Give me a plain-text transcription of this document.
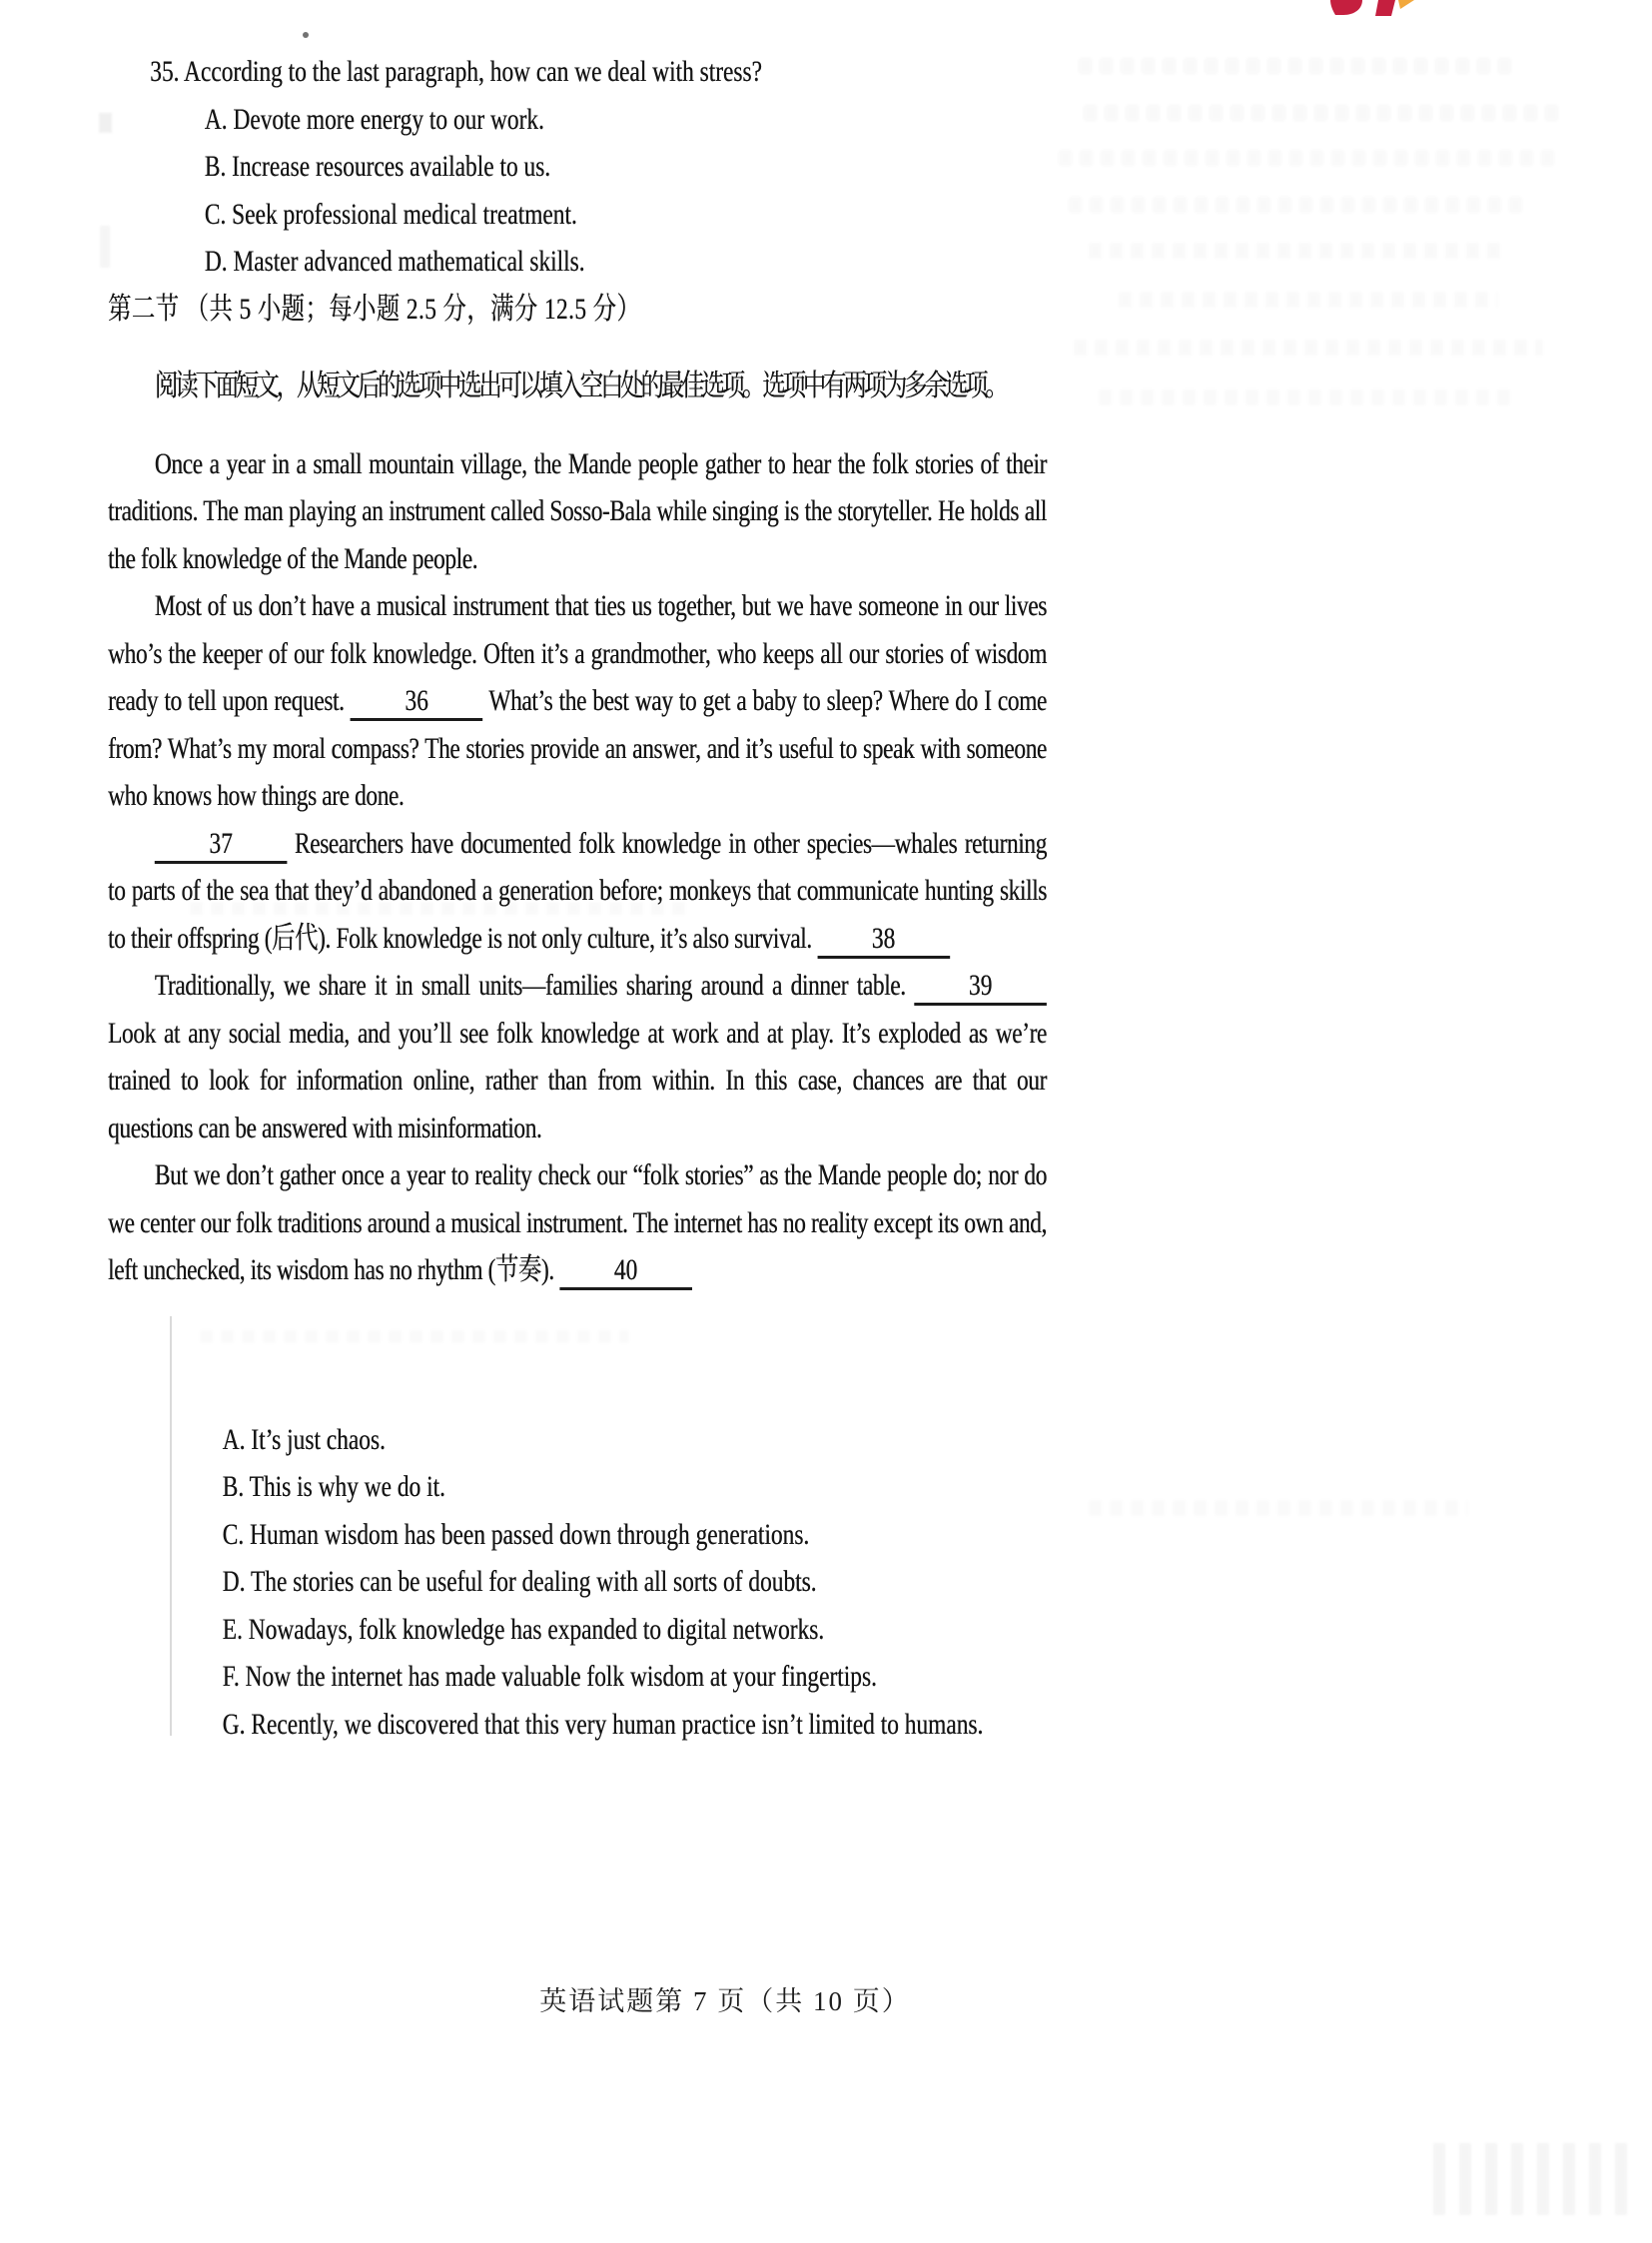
35. According to the last paragraph, how can we deal with stress?
A. Devote more energy to our work.
B. Increase resources available to us.
C. Seek professional medical treatment.
D. Master advanced mathematical skills.
第二节 （共 5 小题；每小题 2.5 分，满分 12.5 分）

阅读下面短文，从短文后的选项中选出可以填入空白处的最佳选项。选项中有两项为多余选项。

Once a year in a small mountain village, the Mande people gather to hear the folk stories of their traditions. The man playing an instrument called Sosso-Bala while singing is the storyteller. He holds all the folk knowledge of the Mande people.

Most of us don’t have a musical instrument that ties us together, but we have someone in our lives who’s the keeper of our folk knowledge. Often it’s a grandmother, who keeps all our stories of wisdom ready to tell upon request. 36 What’s the best way to get a baby to sleep? Where do I come from? What’s my moral compass? The stories provide an answer, and it’s useful to speak with someone who knows how things are done.

37 Researchers have documented folk knowledge in other species—whales returning to parts of the sea that they’d abandoned a generation before; monkeys that communicate hunting skills to their offspring (后代). Folk knowledge is not only culture, it’s also survival. 38

Traditionally, we share it in small units—families sharing around a dinner table. 39 Look at any social media, and you’ll see folk knowledge at work and at play. It’s exploded as we’re trained to look for information online, rather than from within. In this case, chances are that our questions can be answered with misinformation.

But we don’t gather once a year to reality check our “folk stories” as the Mande people do; nor do we center our folk traditions around a musical instrument. The internet has no reality except its own and, left unchecked, its wisdom has no rhythm (节奏). 40

A. It’s just chaos.
B. This is why we do it.
C. Human wisdom has been passed down through generations.
D. The stories can be useful for dealing with all sorts of doubts.
E. Nowadays, folk knowledge has expanded to digital networks.
F. Now the internet has made valuable folk wisdom at your fingertips.
G. Recently, we discovered that this very human practice isn’t limited to humans.
英语试题第 7 页（共 10 页）
